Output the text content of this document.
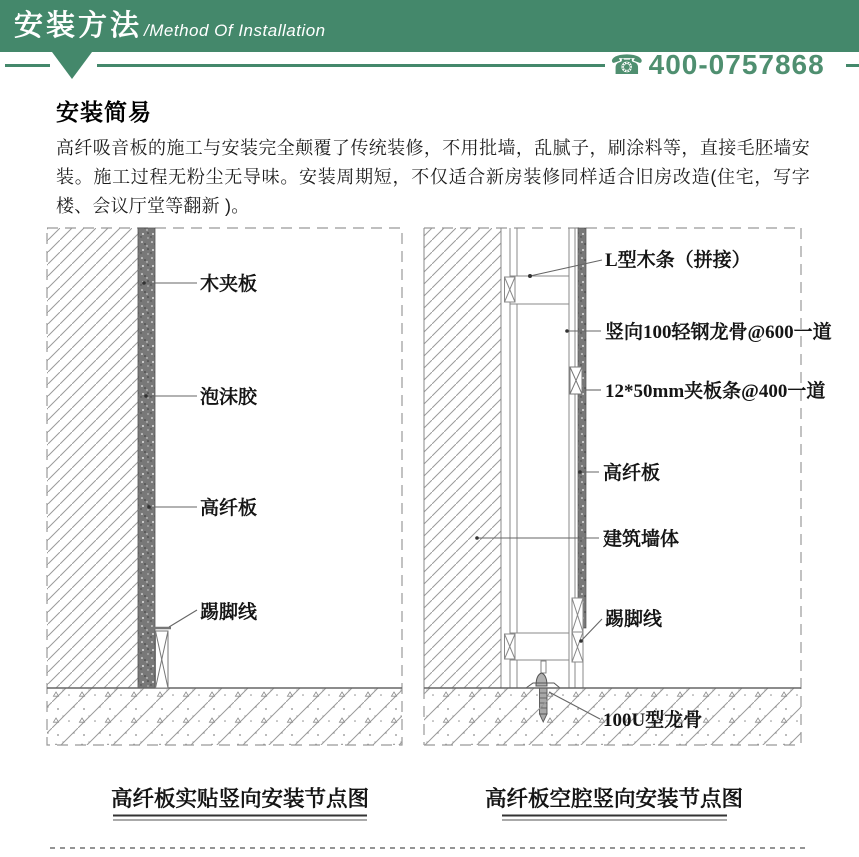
安装方法 /Method Of Installation
☎ 400-0757868
安装简易
高纤吸音板的施工与安装完全颠覆了传统装修，不用批墙，乱腻子，刷涂料等，直接毛胚墙安装。施工过程无粉尘无导味。安装周期短，不仅适合新房装修同样适合旧房改造(住宅，写字楼、会议厅堂等翻新 )。
木夹板
泡沫胶
高纤板
踢脚线
高纤板实贴竖向安装节点图
L型木条（拼接）
竖向100轻钢龙骨@600一道
12*50mm夹板条@400一道
高纤板
建筑墙体
踢脚线
100U型龙骨
高纤板空腔竖向安装节点图
